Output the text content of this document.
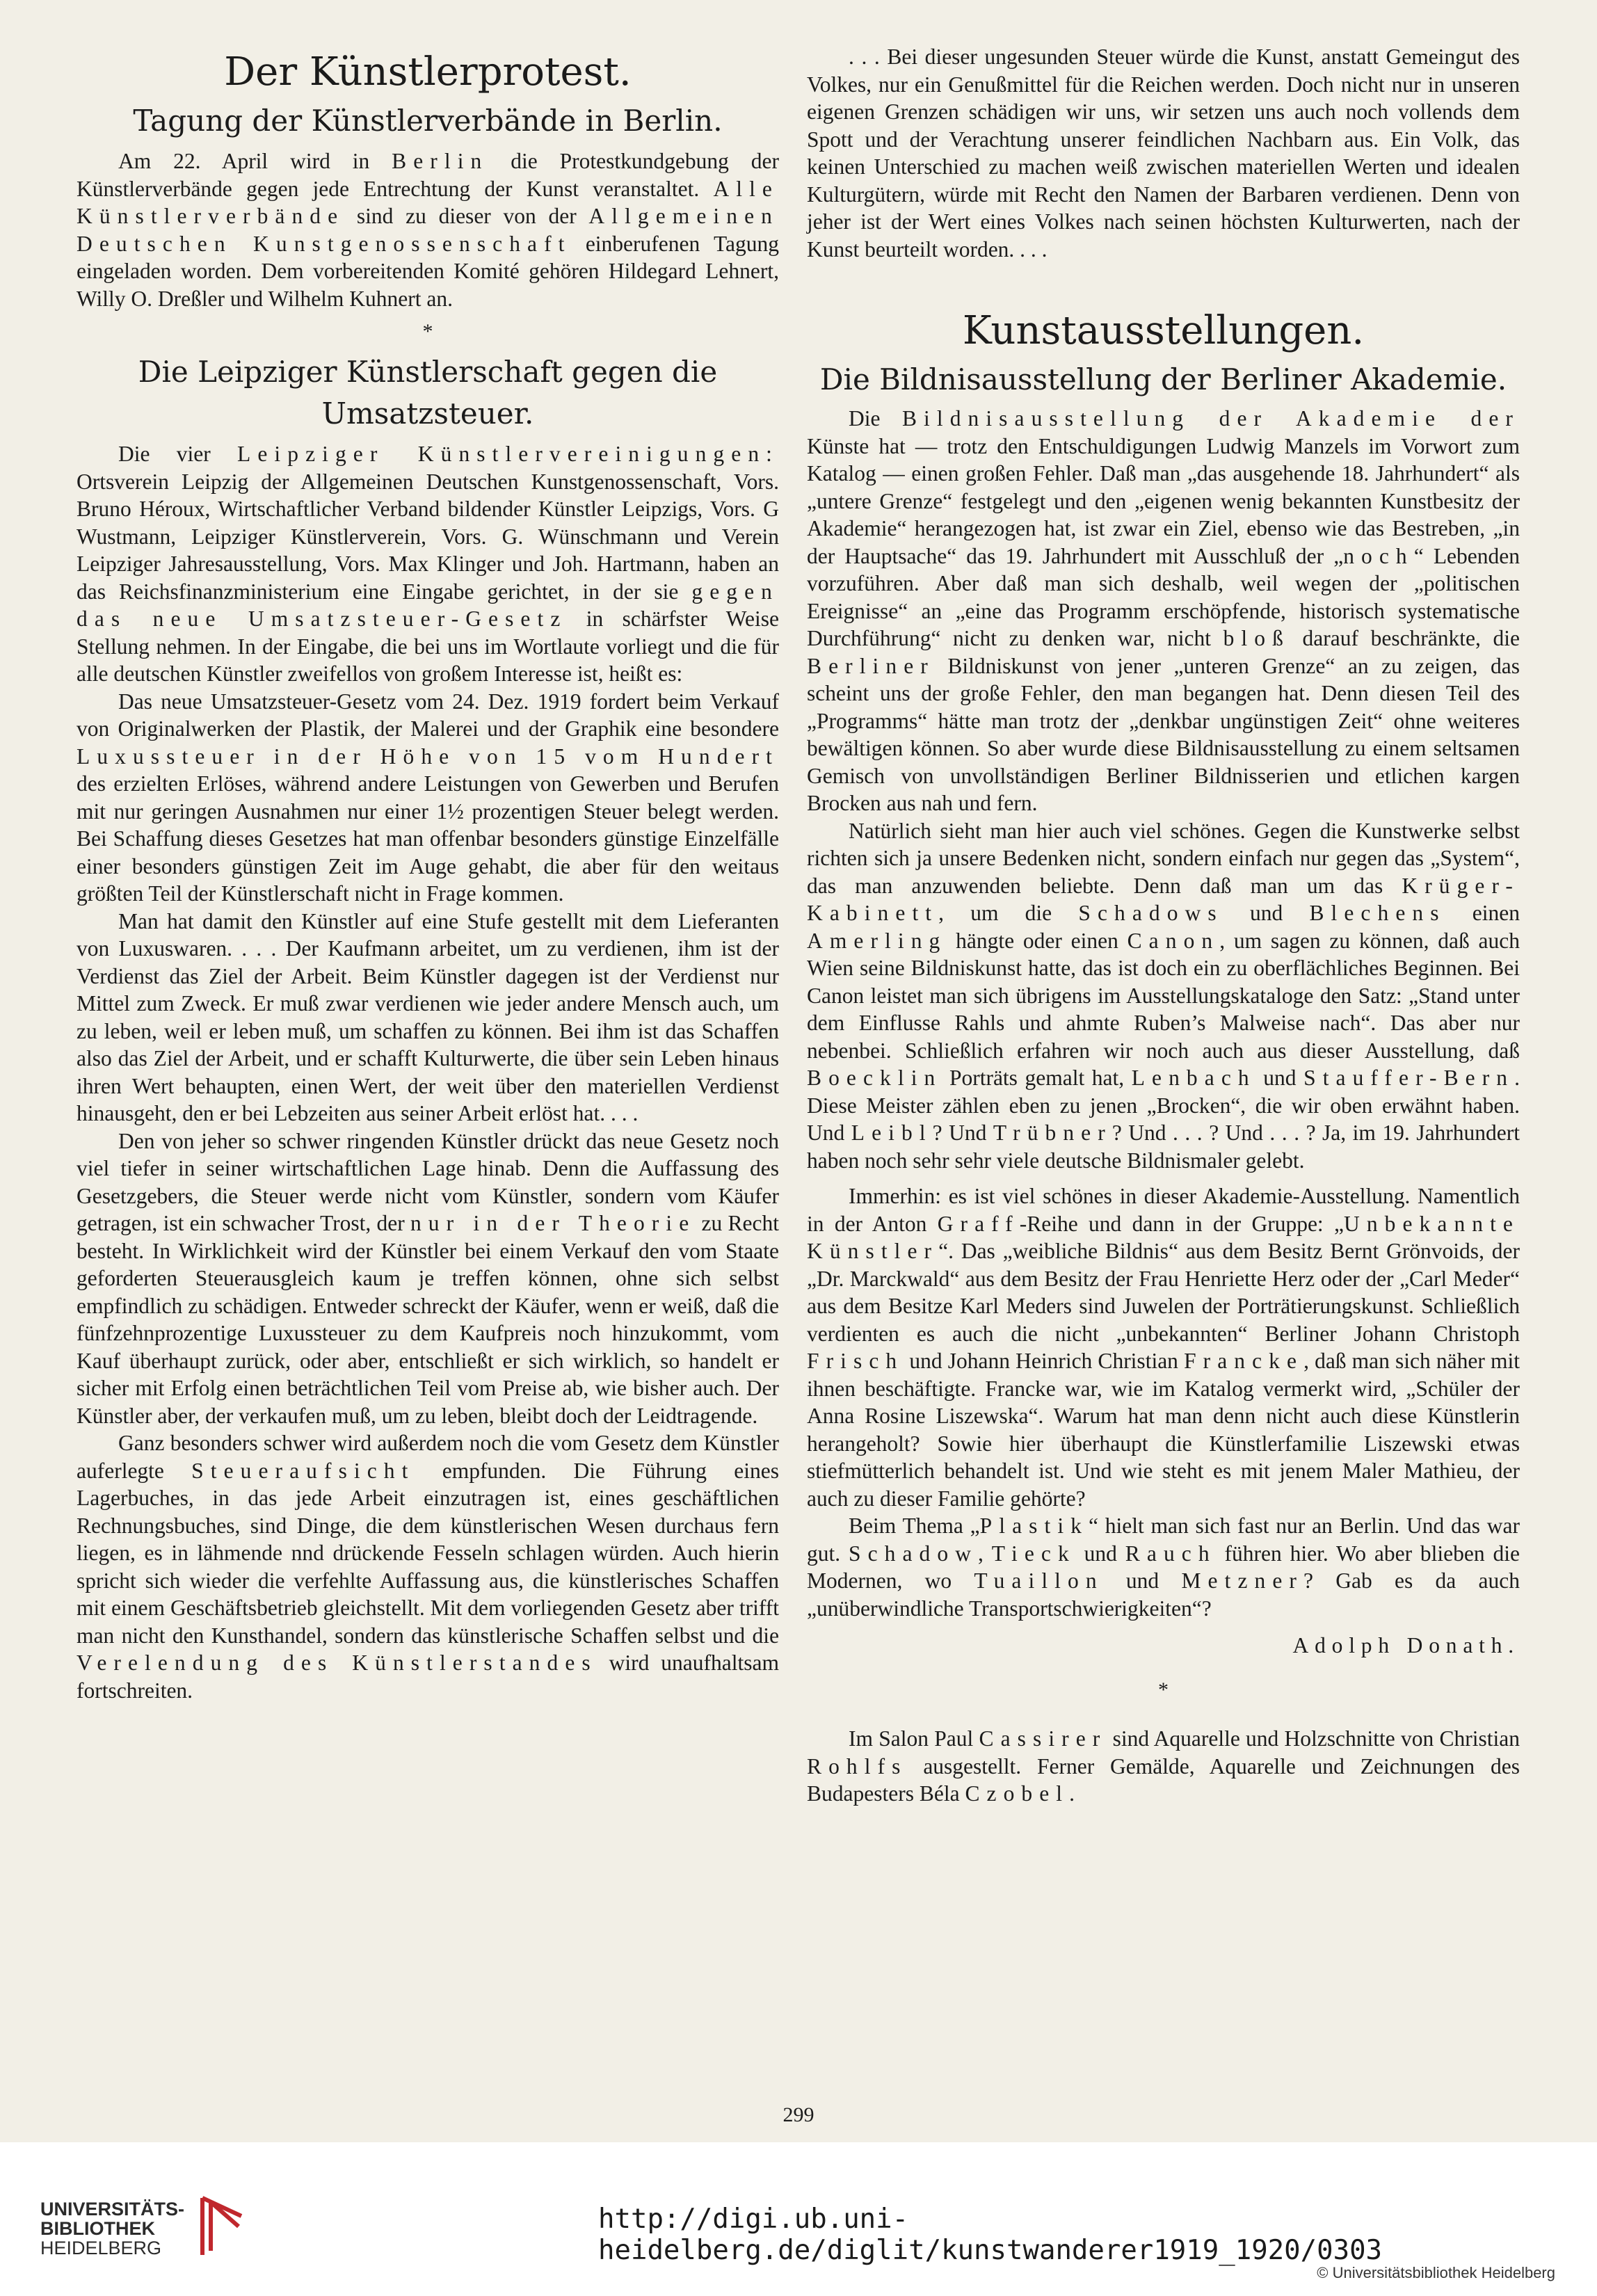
Der Künstlerprotest.
Tagung der Künstlerverbände in Berlin.

Am 22. April wird in Berlin die Protestkundgebung der Künstlerverbände gegen jede Entrechtung der Kunst veranstaltet. Alle Künstlerverbände sind zu dieser von der Allgemeinen Deutschen Kunstgenossenschaft einberufenen Tagung eingeladen worden. Dem vorbereitenden Komité gehören Hildegard Lehnert, Willy O. Dreßler und Wilhelm Kuhnert an.

*
Die Leipziger Künstlerschaft gegen die Umsatzsteuer.

Die vier Leipziger Künstlervereinigungen: Ortsverein Leipzig der Allgemeinen Deutschen Kunstgenossenschaft, Vors. Bruno Héroux, Wirtschaftlicher Verband bildender Künstler Leipzigs, Vors. G Wustmann, Leipziger Künstlerverein, Vors. G. Wünschmann und Verein Leipziger Jahresausstellung, Vors. Max Klinger und Joh. Hartmann, haben an das Reichsfinanzministerium eine Eingabe gerichtet, in der sie gegen das neue Umsatzsteuer-Gesetz in schärfster Weise Stellung nehmen. In der Eingabe, die bei uns im Wortlaute vorliegt und die für alle deutschen Künstler zweifellos von großem Interesse ist, heißt es:

Das neue Umsatzsteuer-Gesetz vom 24. Dez. 1919 fordert beim Verkauf von Originalwerken der Plastik, der Malerei und der Graphik eine besondere Luxussteuer in der Höhe von 15 vom Hundert des erzielten Erlöses, während andere Leistungen von Gewerben und Berufen mit nur geringen Ausnahmen nur einer 1½ prozentigen Steuer belegt werden. Bei Schaffung dieses Gesetzes hat man offenbar besonders günstige Einzelfälle einer besonders günstigen Zeit im Auge gehabt, die aber für den weitaus größten Teil der Künstlerschaft nicht in Frage kommen.

Man hat damit den Künstler auf eine Stufe gestellt mit dem Lieferanten von Luxuswaren. . . . Der Kaufmann arbeitet, um zu verdienen, ihm ist der Verdienst das Ziel der Arbeit. Beim Künstler dagegen ist der Verdienst nur Mittel zum Zweck. Er muß zwar verdienen wie jeder andere Mensch auch, um zu leben, weil er leben muß, um schaffen zu können. Bei ihm ist das Schaffen also das Ziel der Arbeit, und er schafft Kulturwerte, die über sein Leben hinaus ihren Wert behaupten, einen Wert, der weit über den materiellen Verdienst hinausgeht, den er bei Lebzeiten aus seiner Arbeit erlöst hat. . . .

Den von jeher so schwer ringenden Künstler drückt das neue Gesetz noch viel tiefer in seiner wirtschaftlichen Lage hinab. Denn die Auffassung des Gesetzgebers, die Steuer werde nicht vom Künstler, sondern vom Käufer getragen, ist ein schwacher Trost, der nur in der Theorie zu Recht besteht. In Wirklichkeit wird der Künstler bei einem Verkauf den vom Staate geforderten Steuerausgleich kaum je treffen können, ohne sich selbst empfindlich zu schädigen. Entweder schreckt der Käufer, wenn er weiß, daß die fünfzehnprozentige Luxussteuer zu dem Kaufpreis noch hinzukommt, vom Kauf überhaupt zurück, oder aber, entschließt er sich wirklich, so handelt er sicher mit Erfolg einen beträchtlichen Teil vom Preise ab, wie bisher auch. Der Künstler aber, der verkaufen muß, um zu leben, bleibt doch der Leidtragende.

Ganz besonders schwer wird außerdem noch die vom Gesetz dem Künstler auferlegte Steueraufsicht empfunden. Die Führung eines Lagerbuches, in das jede Arbeit einzutragen ist, eines geschäftlichen Rechnungsbuches, sind Dinge, die dem künstlerischen Wesen durchaus fern liegen, es in lähmende nnd drückende Fesseln schlagen würden. Auch hierin spricht sich wieder die verfehlte Auffassung aus, die künstlerisches Schaffen mit einem Geschäftsbetrieb gleichstellt. Mit dem vorliegenden Gesetz aber trifft man nicht den Kunsthandel, sondern das künstlerische Schaffen selbst und die Verelendung des Künstlerstandes wird unaufhaltsam fortschreiten.

. . . Bei dieser ungesunden Steuer würde die Kunst, anstatt Gemeingut des Volkes, nur ein Genußmittel für die Reichen werden. Doch nicht nur in unseren eigenen Grenzen schädigen wir uns, wir setzen uns auch noch vollends dem Spott und der Verachtung unserer feindlichen Nachbarn aus. Ein Volk, das keinen Unterschied zu machen weiß zwischen materiellen Werten und idealen Kulturgütern, würde mit Recht den Namen der Barbaren verdienen. Denn von jeher ist der Wert eines Volkes nach seinen höchsten Kulturwerten, nach der Kunst beurteilt worden. . . .

Kunstausstellungen.
Die Bildnisausstellung der Berliner Akademie.

Die Bildnisausstellung der Akademie der Künste hat — trotz den Entschuldigungen Ludwig Manzels im Vorwort zum Katalog — einen großen Fehler. Daß man „das ausgehende 18. Jahrhundert“ als „untere Grenze“ festgelegt und den „eigenen wenig bekannten Kunstbesitz der Akademie“ herangezogen hat, ist zwar ein Ziel, ebenso wie das Bestreben, „in der Hauptsache“ das 19. Jahrhundert mit Ausschluß der „noch“ Lebenden vorzuführen. Aber daß man sich deshalb, weil wegen der „politischen Ereignisse“ an „eine das Programm erschöpfende, historisch systematische Durchführung“ nicht zu denken war, nicht bloß darauf beschränkte, die Berliner Bildniskunst von jener „unteren Grenze“ an zu zeigen, das scheint uns der große Fehler, den man begangen hat. Denn diesen Teil des „Programms“ hätte man trotz der „denkbar ungünstigen Zeit“ ohne weiteres bewältigen können. So aber wurde diese Bildnisausstellung zu einem seltsamen Gemisch von unvollständigen Berliner Bildnisserien und etlichen kargen Brocken aus nah und fern.

Natürlich sieht man hier auch viel schönes. Gegen die Kunstwerke selbst richten sich ja unsere Bedenken nicht, sondern einfach nur gegen das „System“, das man anzuwenden beliebte. Denn daß man um das Krüger-Kabinett, um die Schadows und Blechens einen Amerling hängte oder einen Canon, um sagen zu können, daß auch Wien seine Bildniskunst hatte, das ist doch ein zu oberflächliches Beginnen. Bei Canon leistet man sich übrigens im Ausstellungskataloge den Satz: „Stand unter dem Einflusse Rahls und ahmte Ruben’s Malweise nach“. Das aber nur nebenbei. Schließlich erfahren wir noch auch aus dieser Ausstellung, daß Boecklin Porträts gemalt hat, Lenbach und Stauffer-Bern. Diese Meister zählen eben zu jenen „Brocken“, die wir oben erwähnt haben. Und Leibl? Und Trübner? Und . . . ? Und . . . ? Ja, im 19. Jahrhundert haben noch sehr sehr viele deutsche Bildnismaler gelebt.

Immerhin: es ist viel schönes in dieser Akademie-Ausstellung. Namentlich in der Anton Graff-Reihe und dann in der Gruppe: „Unbekannte Künstler“. Das „weibliche Bildnis“ aus dem Besitz Bernt Grönvoids, der „Dr. Marckwald“ aus dem Besitz der Frau Henriette Herz oder der „Carl Meder“ aus dem Besitze Karl Meders sind Juwelen der Porträtierungskunst. Schließlich verdienten es auch die nicht „unbekannten“ Berliner Johann Christoph Frisch und Johann Heinrich Christian Francke, daß man sich näher mit ihnen beschäftigte. Francke war, wie im Katalog vermerkt wird, „Schüler der Anna Rosine Liszewska“. Warum hat man denn nicht auch diese Künstlerin herangeholt? Sowie hier überhaupt die Künstlerfamilie Liszewski etwas stiefmütterlich behandelt ist. Und wie steht es mit jenem Maler Mathieu, der auch zu dieser Familie gehörte?

Beim Thema „Plastik“ hielt man sich fast nur an Berlin. Und das war gut. Schadow, Tieck und Rauch führen hier. Wo aber blieben die Modernen, wo Tuaillon und Metzner? Gab es da auch „unüberwindliche Transportschwierigkeiten“?

Adolph Donath.
*

Im Salon Paul Cassirer sind Aquarelle und Holzschnitte von Christian Rohlfs ausgestellt. Ferner Gemälde, Aquarelle und Zeichnungen des Budapesters Béla Czobel.

299
UNIVERSITÄTS-
BIBLIOTHEK
HEIDELBERG
http://digi.ub.uni-heidelberg.de/diglit/kunstwanderer1919_1920/0303
© Universitätsbibliothek Heidelberg
